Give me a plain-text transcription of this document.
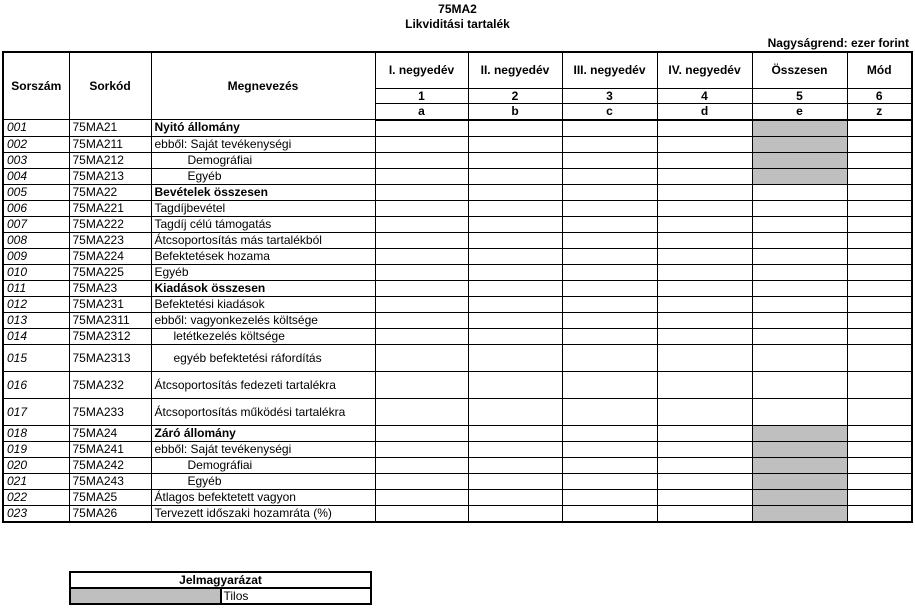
75MA2
Likviditási tartalék
Nagyságrend: ezer forint
Sorszám	Sorkód	Megnevezés	I. negyedév	II. negyedév	III. negyedév	IV. negyedév	Összesen	Mód
			1	2	3	4	5	6
			a	b	c	d	e	z
001	75MA21	Nyitó állomány						
002	75MA211	ebből: Saját tevékenységi						
003	75MA212	Demográfiai						
004	75MA213	Egyéb						
005	75MA22	Bevételek összesen						
006	75MA221	Tagdíjbevétel						
007	75MA222	Tagdíj célú támogatás						
008	75MA223	Átcsoportosítás más tartalékból						
009	75MA224	Befektetések hozama						
010	75MA225	Egyéb						
011	75MA23	Kiadások összesen						
012	75MA231	Befektetési kiadások						
013	75MA2311	ebből: vagyonkezelés költsége						
014	75MA2312	letétkezelés költsége						
015	75MA2313	egyéb befektetési ráfordítás						
016	75MA232	Átcsoportosítás fedezeti tartalékra						
017	75MA233	Átcsoportosítás működési tartalékra						
018	75MA24	Záró állomány						
019	75MA241	ebből: Saját tevékenységi						
020	75MA242	Demográfiai						
021	75MA243	Egyéb						
022	75MA25	Átlagos befektetett vagyon						
023	75MA26	Tervezett időszaki hozamráta (%)						
Jelmagyarázat
	Tilos
